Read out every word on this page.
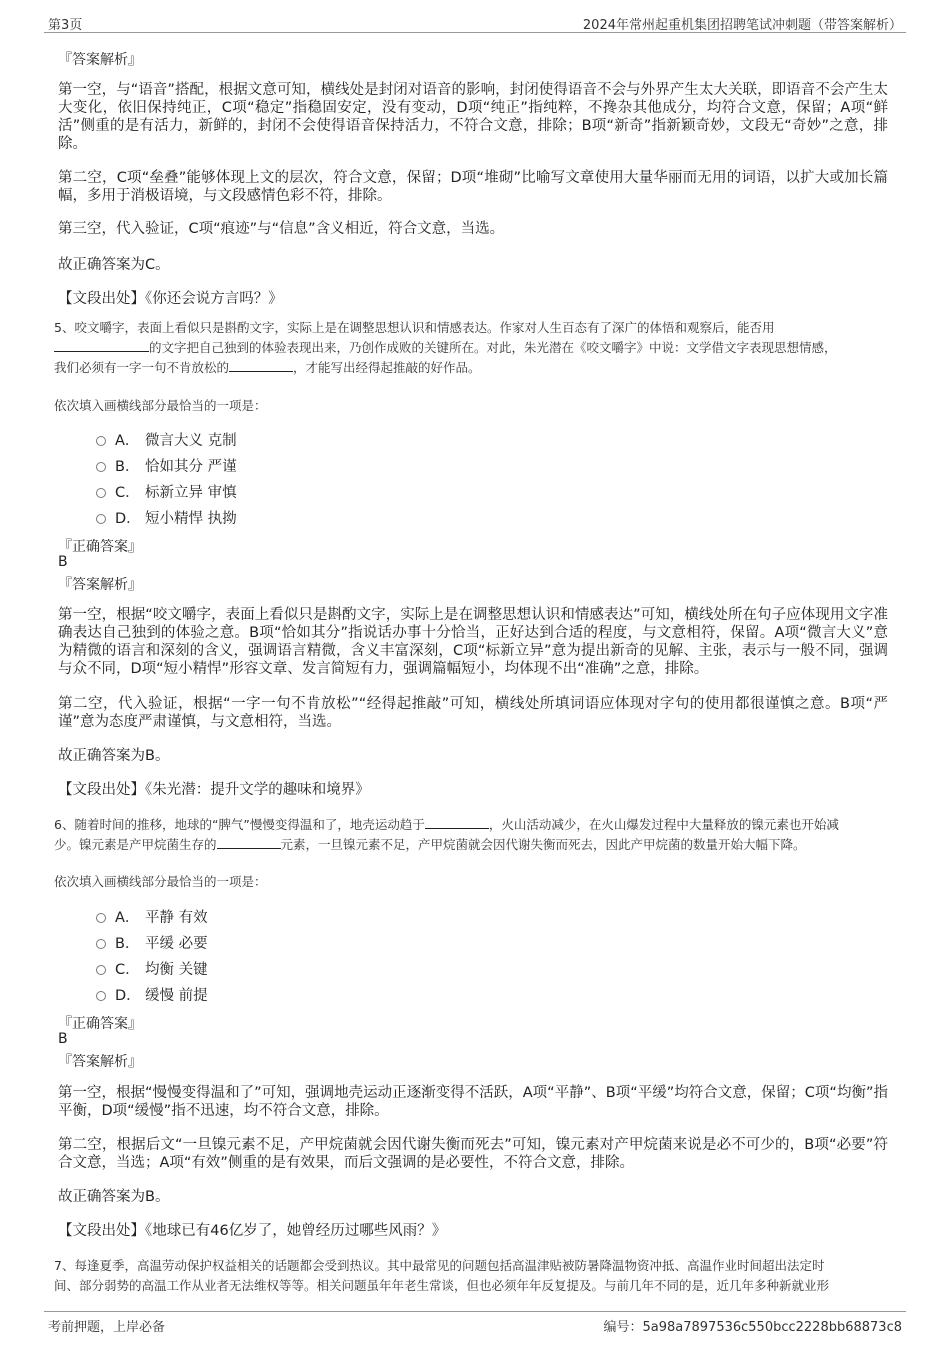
第3页	2024年常州起重机集团招聘笔试冲刺题（带答案解析）
『答案解析』
第一空，与“语音”搭配，根据文意可知，横线处是封闭对语音的影响，封闭使得语音不会与外界产生太大关联，即语音不会产生太大变化，依旧保持纯正，C项“稳定”指稳固安定，没有变动，D项“纯正”指纯粹，不搀杂其他成分，均符合文意，保留；A项“鲜活”侧重的是有活力，新鲜的，封闭不会使得语音保持活力，不符合文意，排除；B项“新奇”指新颖奇妙，文段无“奇妙”之意，排除。
第二空，C项“垒叠”能够体现上文的层次，符合文意，保留；D项“堆砌”比喻写文章使用大量华丽而无用的词语，以扩大或加长篇幅，多用于消极语境，与文段感情色彩不符，排除。
第三空，代入验证，C项“痕迹”与“信息”含义相近，符合文意，当选。
故正确答案为C。
【文段出处】《你还会说方言吗？》
5、咬文嚼字，表面上看似只是斟酌文字，实际上是在调整思想认识和情感表达。作家对人生百态有了深广的体悟和观察后，能否用
的文字把自己独到的体验表现出来，乃创作成败的关键所在。对此，朱光潜在《咬文嚼字》中说：文学借文字表现思想情感，
我们必须有一字一句不肯放松的	，才能写出经得起推敲的好作品。
依次填入画横线部分最恰当的一项是：
A． 微言大义 克制
B． 恰如其分 严谨
C． 标新立异 审慎
D． 短小精悍 执拗
『正确答案』
B
『答案解析』
第一空，根据“咬文嚼字，表面上看似只是斟酌文字，实际上是在调整思想认识和情感表达”可知，横线处所在句子应体现用文字准确表达自己独到的体验之意。B项“恰如其分”指说话办事十分恰当，正好达到合适的程度，与文意相符，保留。A项“微言大义”意为精微的语言和深刻的含义，强调语言精微，含义丰富深刻，C项“标新立异”意为提出新奇的见解、主张，表示与一般不同，强调与众不同，D项“短小精悍”形容文章、发言简短有力，强调篇幅短小，均体现不出“准确”之意，排除。
第二空，代入验证，根据“一字一句不肯放松”“经得起推敲”可知，横线处所填词语应体现对字句的使用都很谨慎之意。B项“严谨”意为态度严肃谨慎，与文意相符，当选。
故正确答案为B。
【文段出处】《朱光潜：提升文学的趣味和境界》
6、随着时间的推移，地球的“脾气”慢慢变得温和了，地壳运动趋于	，火山活动减少，在火山爆发过程中大量释放的镍元素也开始减
少。镍元素是产甲烷菌生存的	元素，一旦镍元素不足，产甲烷菌就会因代谢失衡而死去，因此产甲烷菌的数量开始大幅下降。
依次填入画横线部分最恰当的一项是：
A． 平静 有效
B． 平缓 必要
C． 均衡 关键
D． 缓慢 前提
『正确答案』
B
『答案解析』
第一空，根据“慢慢变得温和了”可知，强调地壳运动正逐渐变得不活跃，A项“平静”、B项“平缓”均符合文意，保留；C项“均衡”指平衡，D项“缓慢”指不迅速，均不符合文意，排除。
第二空，根据后文“一旦镍元素不足，产甲烷菌就会因代谢失衡而死去”可知，镍元素对产甲烷菌来说是必不可少的，B项“必要”符合文意，当选；A项“有效”侧重的是有效果，而后文强调的是必要性，不符合文意，排除。
故正确答案为B。
【文段出处】《地球已有46亿岁了，她曾经历过哪些风雨？》
7、每逢夏季，高温劳动保护权益相关的话题都会受到热议。其中最常见的问题包括高温津贴被防暑降温物资冲抵、高温作业时间超出法定时
间、部分弱势的高温工作从业者无法维权等等。相关问题虽年年老生常谈，但也必须年年反复提及。与前几年不同的是，近几年多种新就业形
考前押题，上岸必备	编号：5a98a7897536c550bcc2228bb68873c8
